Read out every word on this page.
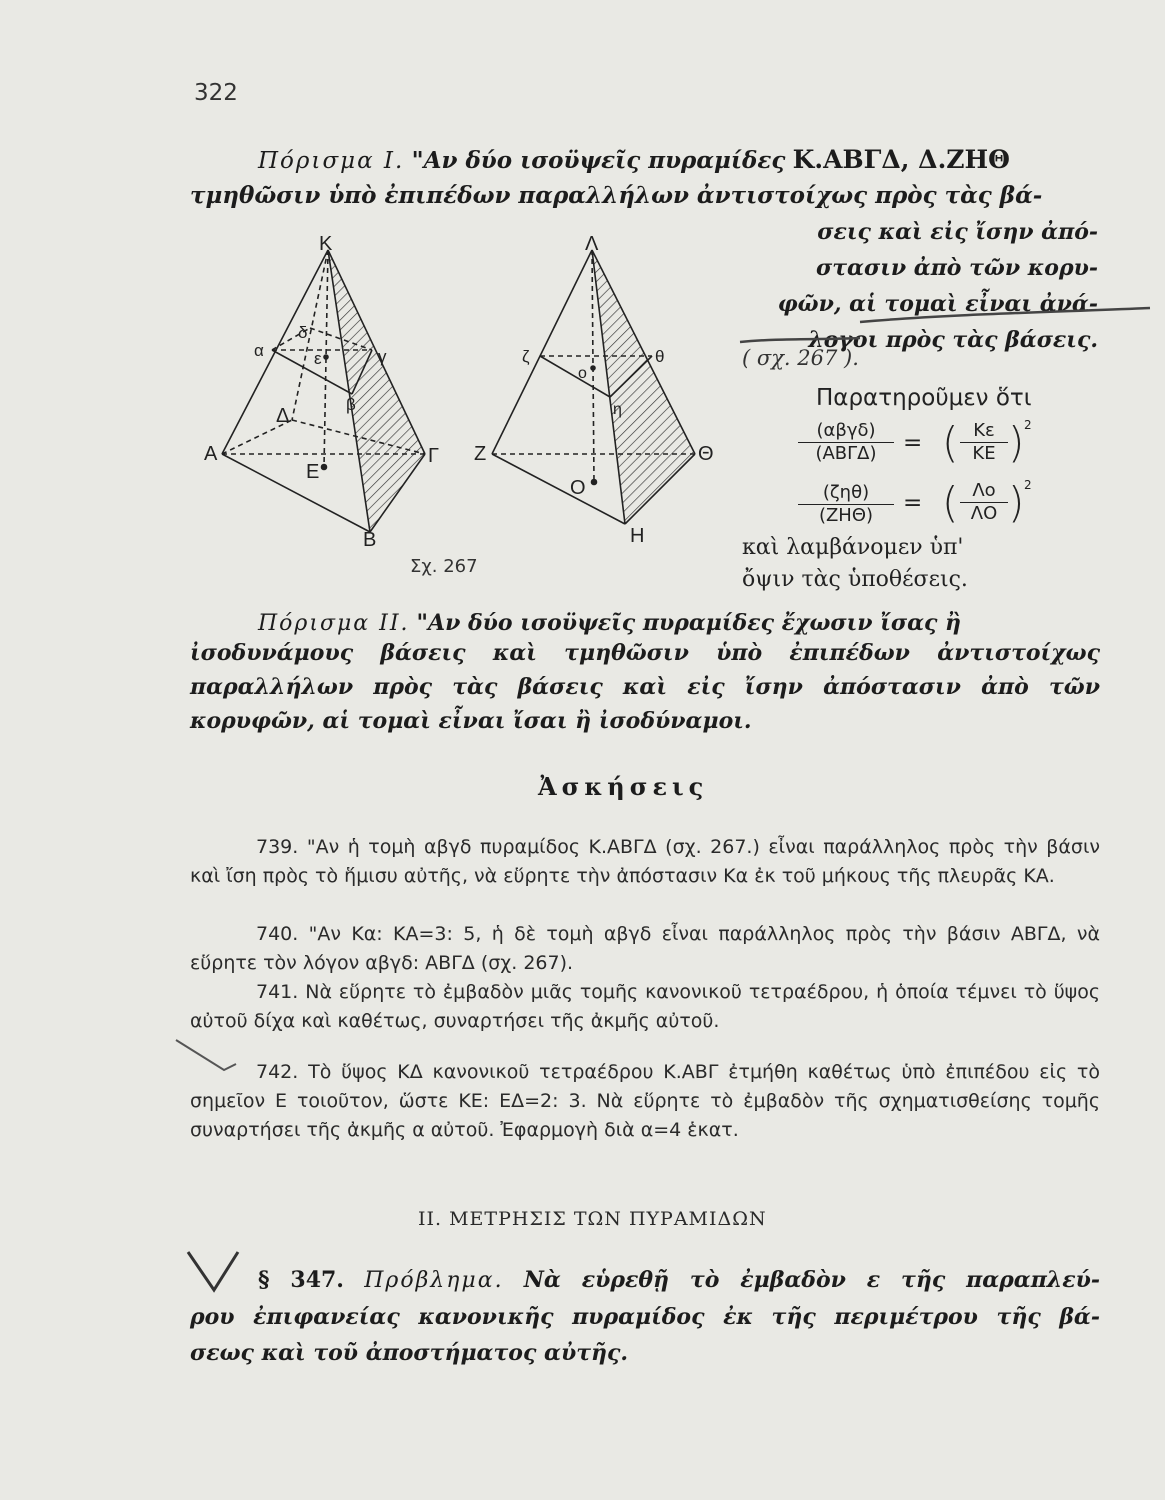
322
Πόρισμα I. "Αν δύο ισοϋψεῖς πυραμίδες Κ.ΑΒΓΔ, Δ.ΖΗΘ
τμηθῶσιν ὑπὸ ἐπιπέδων παραλλήλων ἀντιστοίχως πρὸς τὰς βά-
σεις καὶ εἰς ἴσην ἀπό-
στασιν ἀπὸ τῶν κορυ-
φῶν, αἱ τομαὶ εἶναι ἀνά-
λογοι πρὸς τὰς βάσεις.
( σχ. 267 ).
Παρατηροῦμεν ὅτι
(αβγδ)
(ΑΒΓΔ)	= ( $\frac{K\varepsilon}{KE}$ ) 2
(ζηθ)
(ΖΗΘ)	= ( $\frac{\Lambda o}{\Lambda O}$ ) 2
καὶ λαμβάνομεν ὑπ'
ὄψιν τὰς ὑποθέσεις.
Κ
α
δ
ε	γ
β
Α
Δ
Ε
Γ
Β
Λ
ζ
ο
θ
η
Ζ
Ο
Θ
Η
Σχ. 267
Πόρισμα II. "Αν δύο ισοϋψεῖς πυραμίδες ἔχωσιν ἴσας ἢ
ἰσοδυνάμους βάσεις καὶ τμηθῶσιν ὑπὸ ἐπιπέδων ἀντιστοίχως
παραλλήλων πρὸς τὰς βάσεις καὶ εἰς ἴσην ἀπόστασιν ἀπὸ τῶν
κορυφῶν, αἱ τομαὶ εἶναι ἴσαι ἢ ἰσοδύναμοι.
Ἀσκήσεις
739. "Αν ἡ τομὴ αβγδ πυραμίδος Κ.ΑΒΓΔ (σχ. 267.) εἶναι παράλληλος πρὸς τὴν βάσιν καὶ ἴση πρὸς τὸ ἥμισυ αὐτῆς, νὰ εὕρητε τὴν ἀπόστασιν Κα ἐκ τοῦ μήκους τῆς πλευρᾶς ΚΑ.
740. "Αν Κα: ΚΑ=3: 5, ἡ δὲ τομὴ αβγδ εἶναι παράλληλος πρὸς τὴν βάσιν ΑΒΓΔ, νὰ εὕρητε τὸν λόγον αβγδ: ΑΒΓΔ (σχ. 267).
741. Νὰ εὕρητε τὸ ἐμβαδὸν μιᾶς τομῆς κανονικοῦ τετραέδρου, ἡ ὁποία τέμνει τὸ ὕψος αὐτοῦ δίχα καὶ καθέτως, συναρτήσει τῆς ἀκμῆς αὐτοῦ.
742. Τὸ ὕψος ΚΔ κανονικοῦ τετραέδρου Κ.ΑΒΓ ἐτμήθη καθέτως ὑπὸ ἐπιπέδου εἰς τὸ σημεῖον Ε τοιοῦτον, ὥστε ΚΕ: ΕΔ=2: 3. Νὰ εὕρητε τὸ ἐμβαδὸν τῆς σχηματισθείσης τομῆς συναρτήσει τῆς ἀκμῆς α αὐτοῦ. Ἐφαρμογὴ διὰ α=4 ἑκατ.
II. ΜΕΤΡΗΣΙΣ ΤΩΝ ΠΥΡΑΜΙΔΩΝ
§ 347. Πρόβλημα. Νὰ εὑρεθῇ τὸ ἐμβαδὸν ε τῆς παραπλεύ-
ρου ἐπιφανείας κανονικῆς πυραμίδος ἐκ τῆς περιμέτρου τῆς βά-
σεως καὶ τοῦ ἀποστήματος αὐτῆς.
